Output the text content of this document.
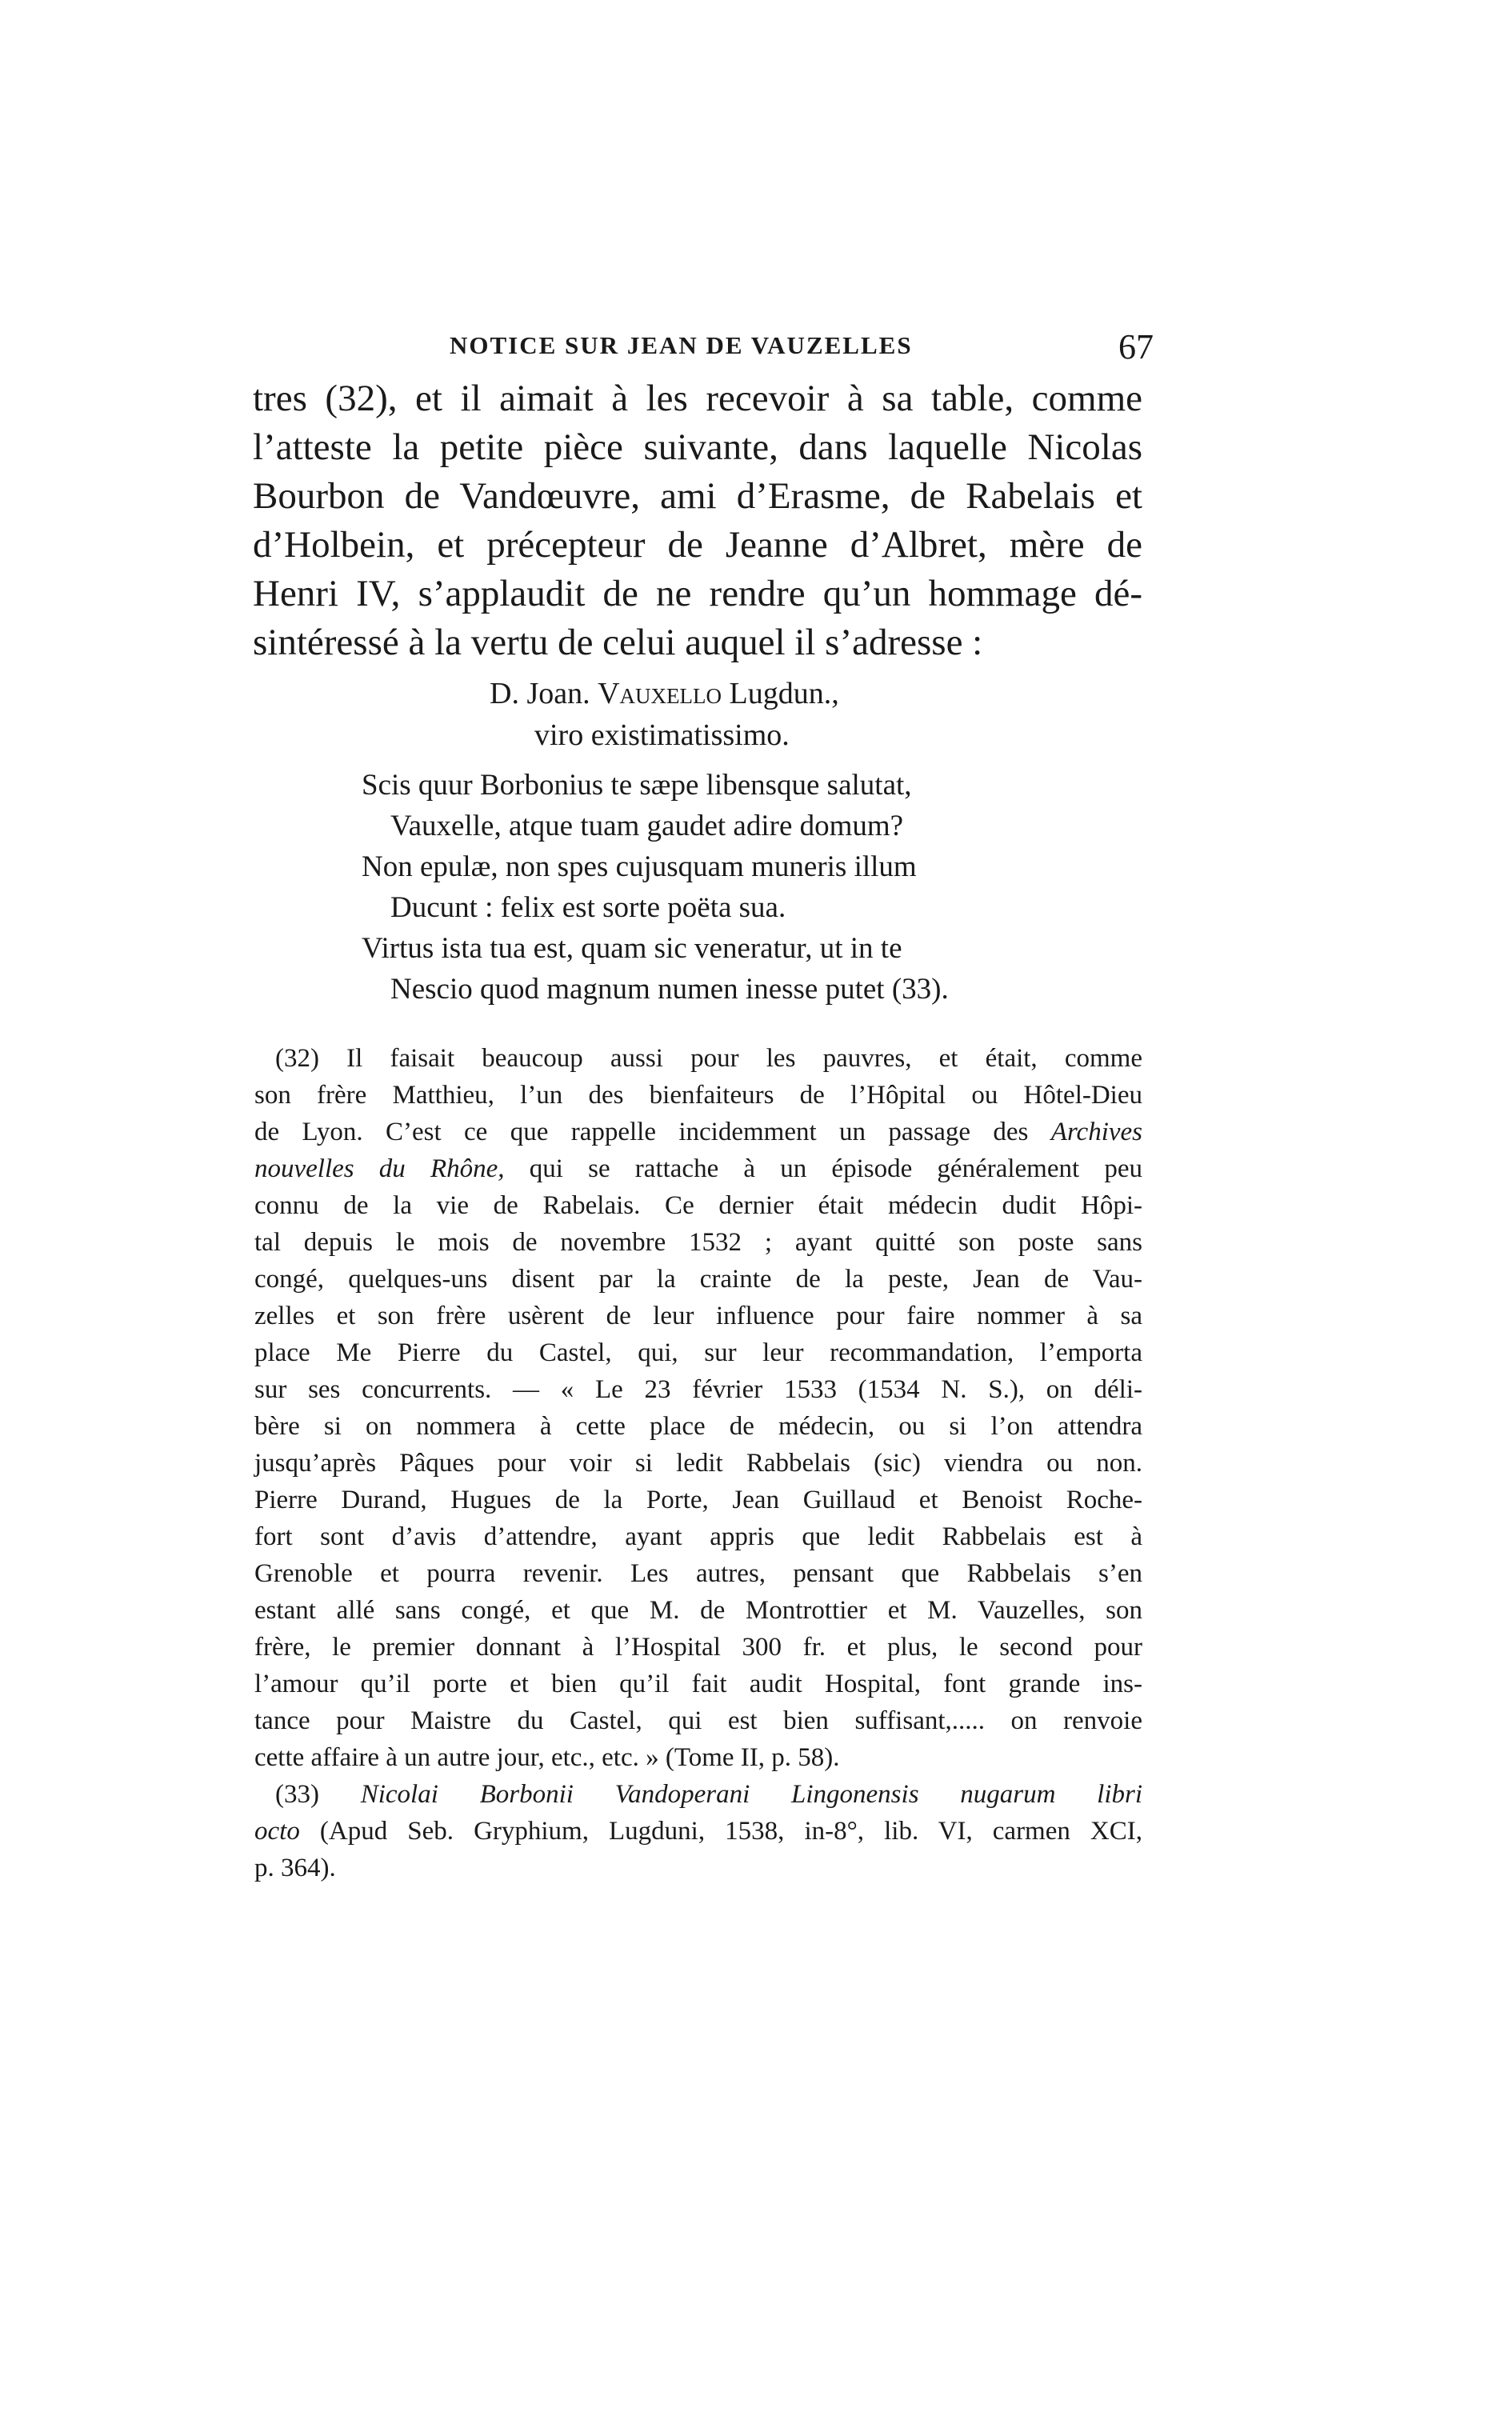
NOTICE SUR JEAN DE VAUZELLES	67
tres (32), et il aimait à les recevoir à sa table, comme
l’atteste la petite pièce suivante, dans laquelle Nicolas
Bourbon de Vandœuvre, ami d’Erasme, de Rabelais et
d’Holbein, et précepteur de Jeanne d’Albret, mère de
Henri IV, s’applaudit de ne rendre qu’un hommage dé-
sintéressé à la vertu de celui auquel il s’adresse :
D. Joan. Vauxello Lugdun.,
viro existimatissimo.
Scis quur Borbonius te sæpe libensque salutat,
Vauxelle, atque tuam gaudet adire domum?
Non epulæ, non spes cujusquam muneris illum
Ducunt : felix est sorte poëta sua.
Virtus ista tua est, quam sic veneratur, ut in te
Nescio quod magnum numen inesse putet (33).
(32) Il faisait beaucoup aussi pour les pauvres, et était, comme
son frère Matthieu, l’un des bienfaiteurs de l’Hôpital ou Hôtel-Dieu
de Lyon. C’est ce que rappelle incidemment un passage des Archives
nouvelles du Rhône, qui se rattache à un épisode généralement peu
connu de la vie de Rabelais. Ce dernier était médecin dudit Hôpi-
tal depuis le mois de novembre 1532 ; ayant quitté son poste sans
congé, quelques-uns disent par la crainte de la peste, Jean de Vau-
zelles et son frère usèrent de leur influence pour faire nommer à sa
place Me Pierre du Castel, qui, sur leur recommandation, l’emporta
sur ses concurrents. — « Le 23 février 1533 (1534 N. S.), on déli-
bère si on nommera à cette place de médecin, ou si l’on attendra
jusqu’après Pâques pour voir si ledit Rabbelais (sic) viendra ou non.
Pierre Durand, Hugues de la Porte, Jean Guillaud et Benoist Roche-
fort sont d’avis d’attendre, ayant appris que ledit Rabbelais est à
Grenoble et pourra revenir. Les autres, pensant que Rabbelais s’en
estant allé sans congé, et que M. de Montrottier et M. Vauzelles, son
frère, le premier donnant à l’Hospital 300 fr. et plus, le second pour
l’amour qu’il porte et bien qu’il fait audit Hospital, font grande ins-
tance pour Maistre du Castel, qui est bien suffisant,..... on renvoie
cette affaire à un autre jour, etc., etc. » (Tome II, p. 58).
(33) Nicolai Borbonii Vandoperani Lingonensis nugarum libri
octo (Apud Seb. Gryphium, Lugduni, 1538, in-8°, lib. VI, carmen XCI,
p. 364).
